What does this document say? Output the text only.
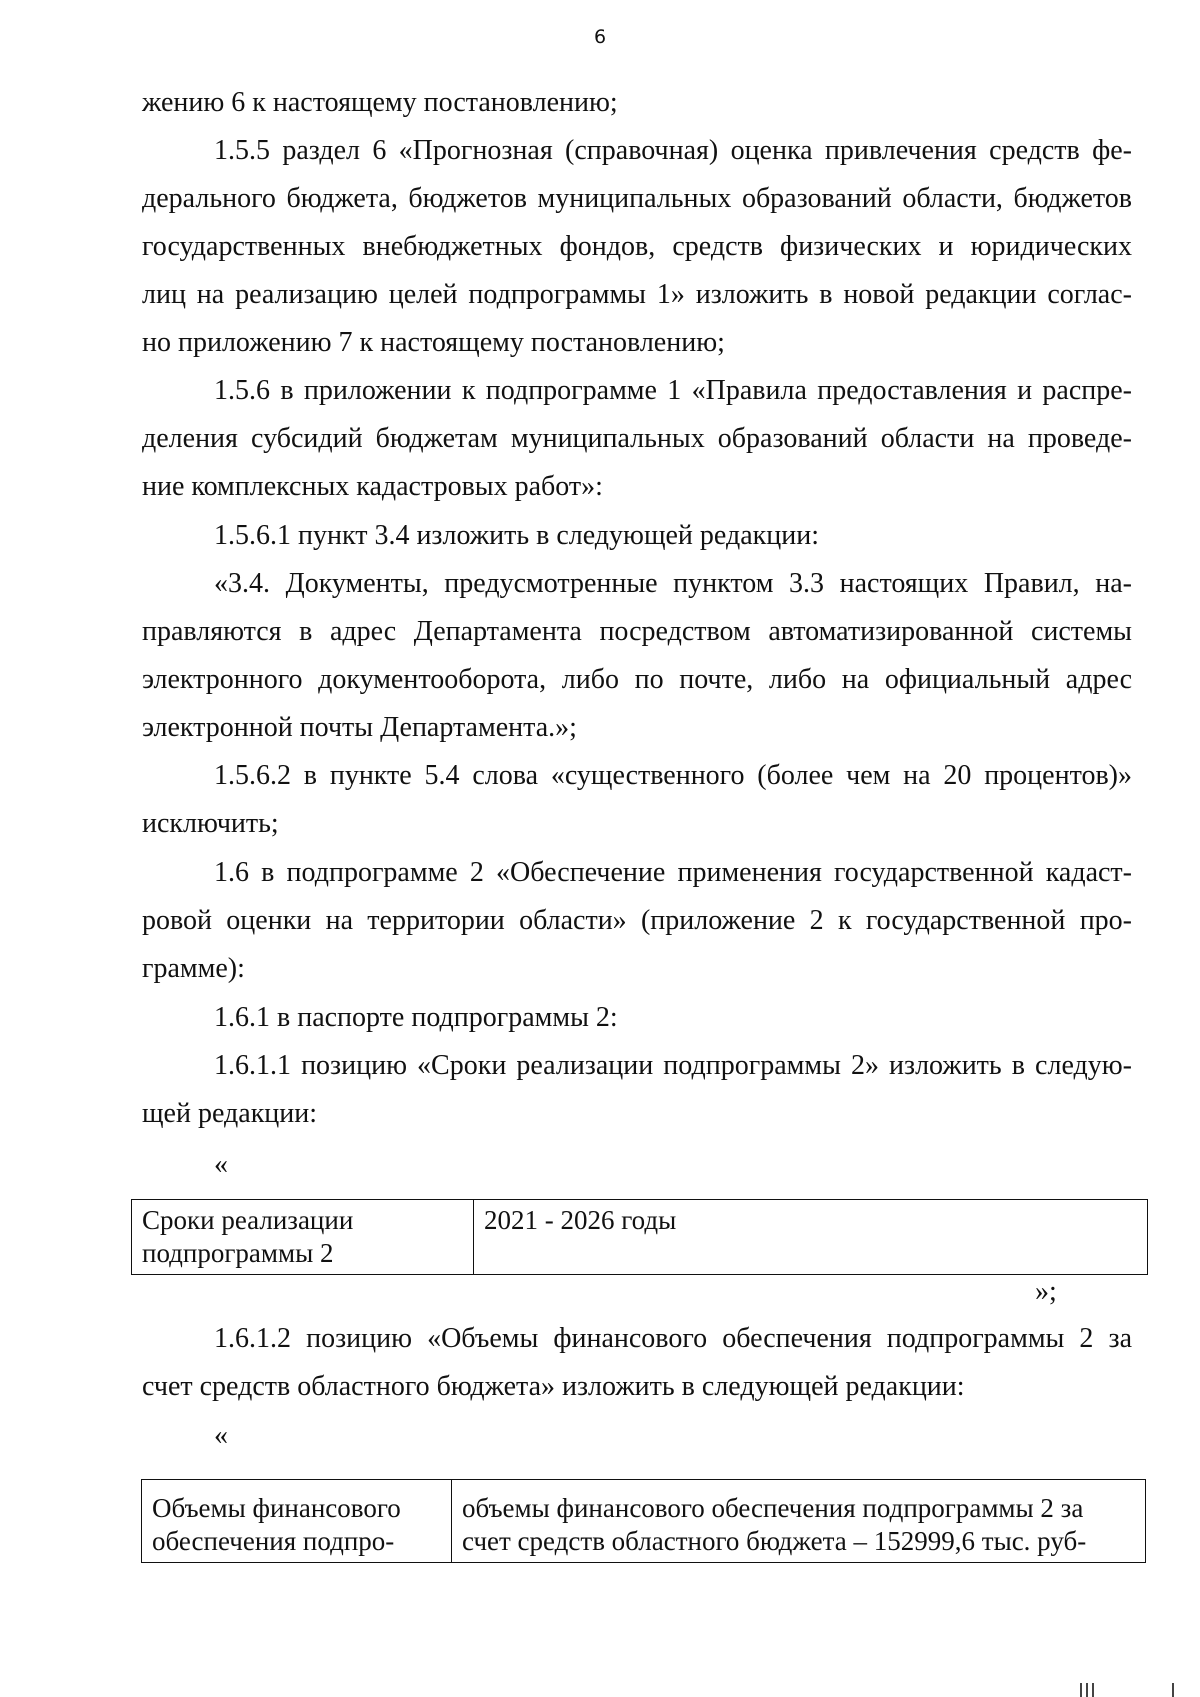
6
жению 6 к настоящему постановлению;
1.5.5 раздел 6 «Прогнозная (справочная) оценка привлечения средств фе-
дерального бюджета, бюджетов муниципальных образований области, бюджетов
государственных внебюджетных фондов, средств физических и юридических
лиц на реализацию целей подпрограммы 1» изложить в новой редакции соглас-
но приложению 7 к настоящему постановлению;
1.5.6 в приложении к подпрограмме 1 «Правила предоставления и распре-
деления субсидий бюджетам муниципальных образований области на проведе-
ние комплексных кадастровых работ»:
1.5.6.1 пункт 3.4 изложить в следующей редакции:
«3.4. Документы, предусмотренные пунктом 3.3 настоящих Правил, на-
правляются в адрес Департамента посредством автоматизированной системы
электронного документооборота, либо по почте, либо на официальный адрес
электронной почты Департамента.»;
1.5.6.2 в пункте 5.4 слова «существенного (более чем на 20 процентов)»
исключить;
1.6 в подпрограмме 2 «Обеспечение применения государственной кадаст-
ровой оценки на территории области» (приложение 2 к государственной про-
грамме):
1.6.1 в паспорте подпрограммы 2:
1.6.1.1 позицию «Сроки реализации подпрограммы 2» изложить в следую-
щей редакции:
«
Сроки реализации
подпрограммы 2

2021 - 2026 годы
»;
1.6.1.2 позицию «Объемы финансового обеспечения подпрограммы 2 за
счет средств областного бюджета» изложить в следующей редакции:
«
Объемы финансового
обеспечения подпро-

объемы финансового обеспечения подпрограммы 2 за
счет средств областного бюджета – 152999,6 тыс. руб-
